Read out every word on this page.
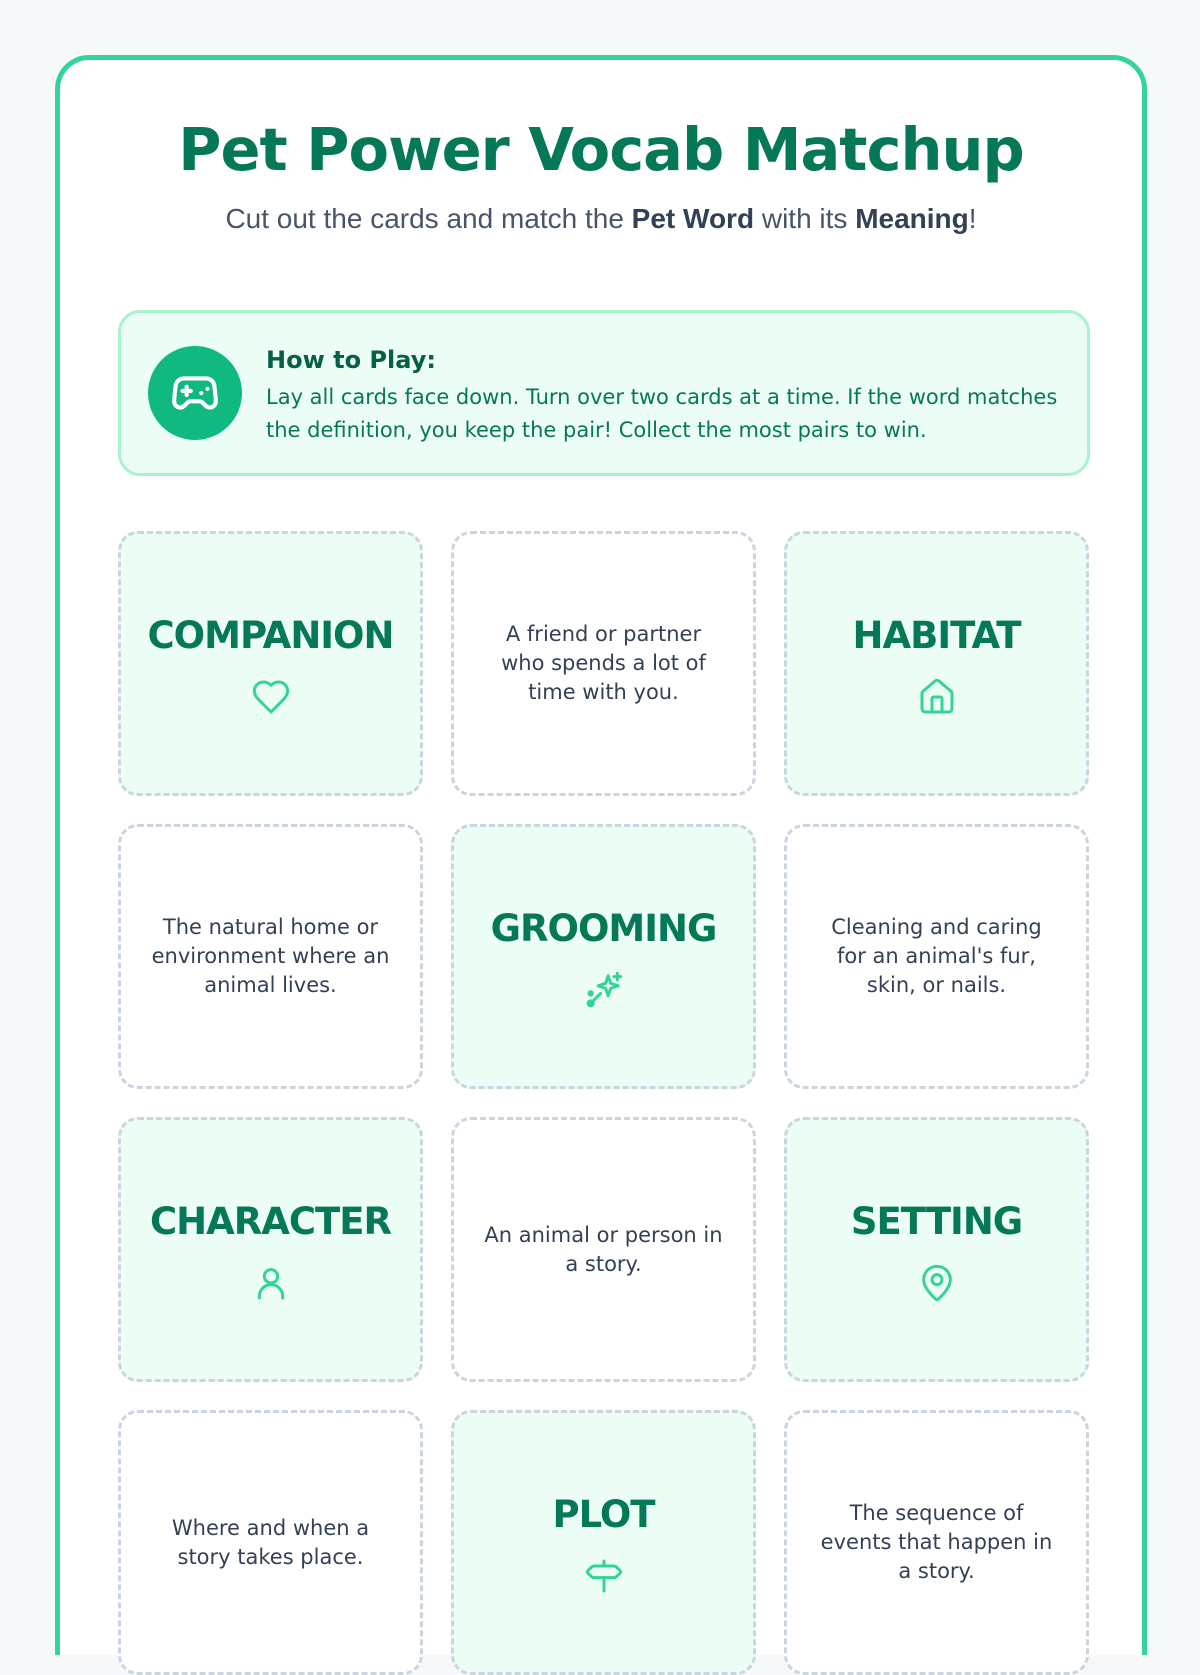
Pet Power Vocab Matchup

Cut out the cards and match the Pet Word with its Meaning!

How to Play:
Lay all cards face down. Turn over two cards at a time. If the word matches the definition, you keep the pair! Collect the most pairs to win.
COMPANION	A friend or partner who spends a lot of time with you.
HABITAT
The natural home or environment where an animal lives.
GROOMING	Cleaning and caring for an animal's fur, skin, or nails.
CHARACTER	An animal or person in a story.
SETTING
Where and when a story takes place.
PLOT	The sequence of events that happen in a story.
